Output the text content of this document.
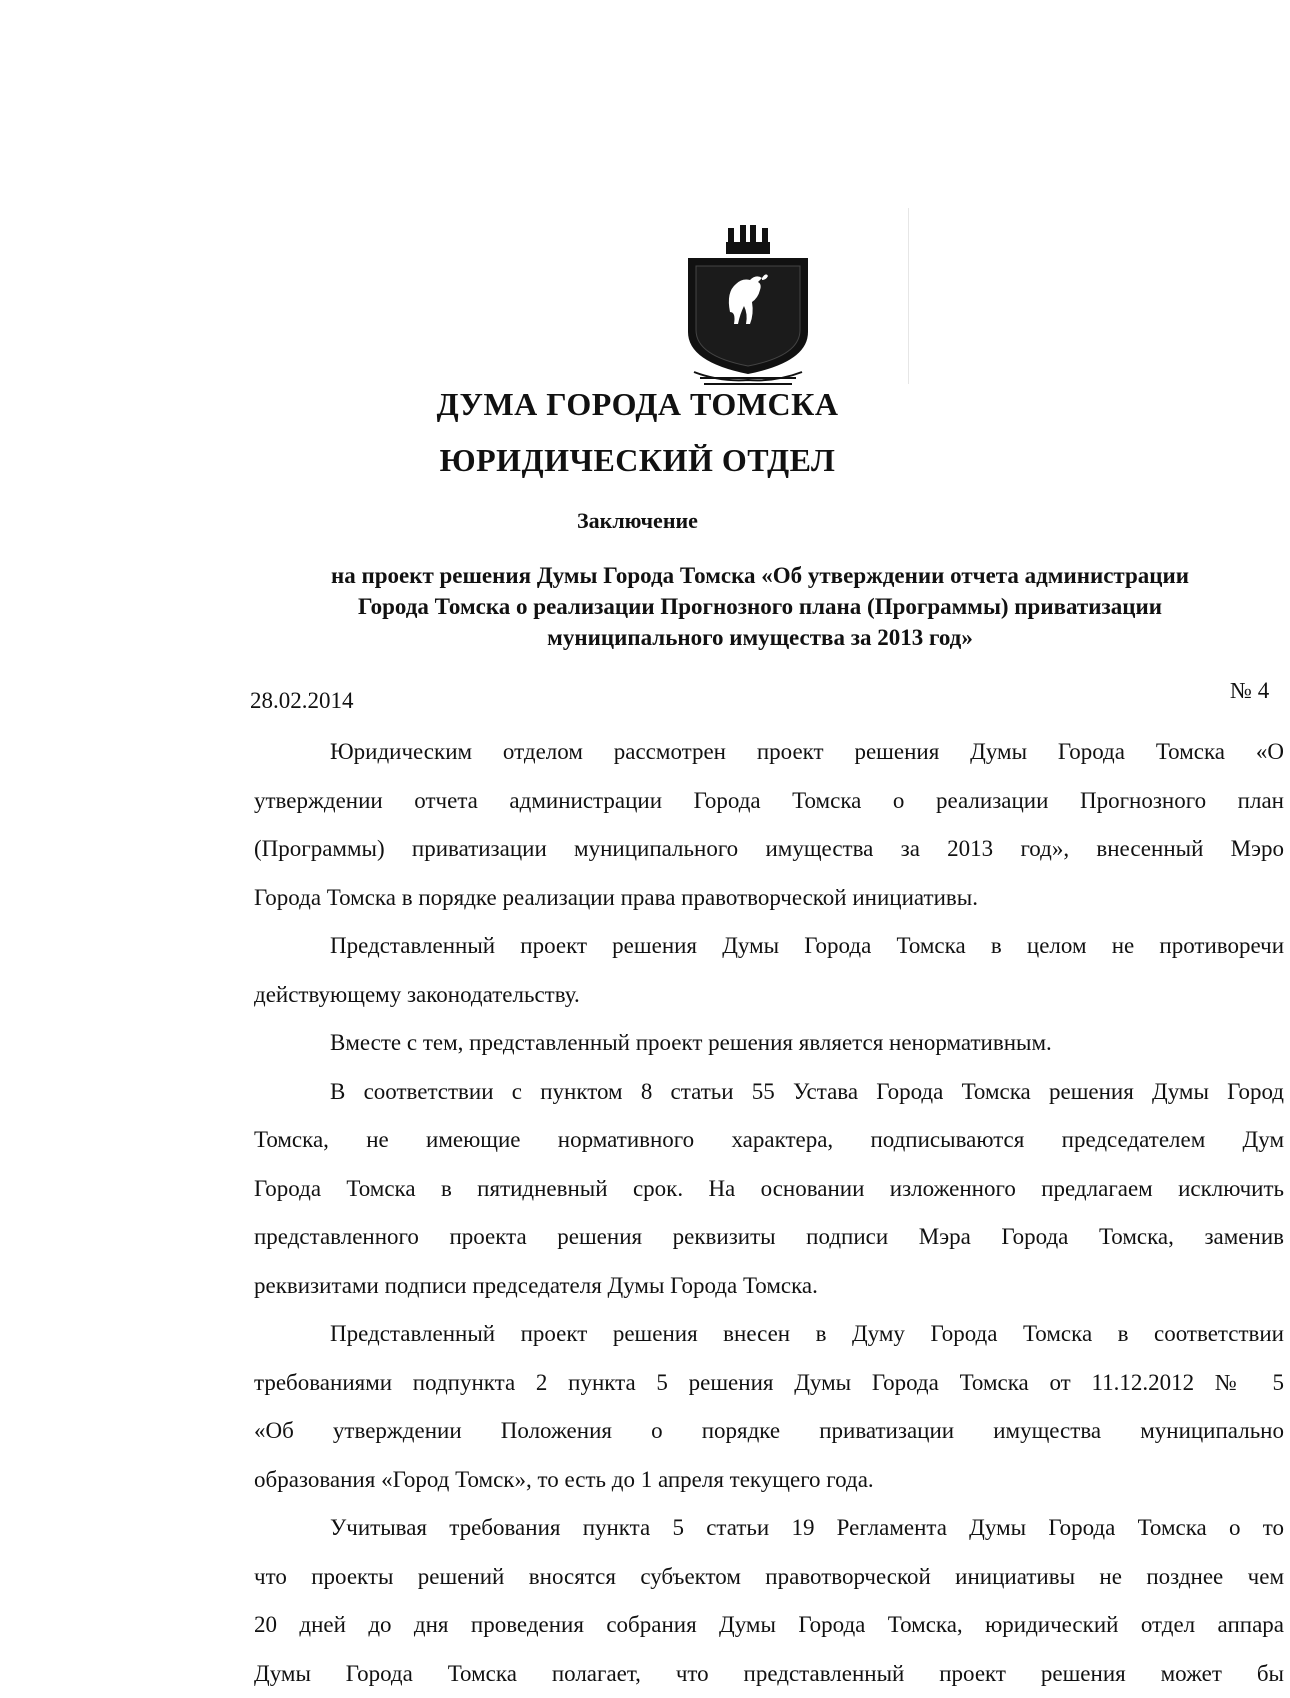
ДУМА ГОРОДА ТОМСКА
ЮРИДИЧЕСКИЙ ОТДЕЛ
Заключение
на проект решения Думы Города Томска «Об утверждении отчета администрации
Города Томска о реализации Прогнозного плана (Программы) приватизации
муниципального имущества за 2013 год»
28.02.2014	№ 4
Юридическим отделом рассмотрен проект решения Думы Города Томска «О
утверждении отчета администрации Города Томска о реализации Прогнозного план
(Программы) приватизации муниципального имущества за 2013 год», внесенный Мэро
Города Томска в порядке реализации права правотворческой инициативы.
Представленный проект решения Думы Города Томска в целом не противоречи
действующему законодательству.
Вместе с тем, представленный проект решения является ненормативным.
В соответствии с пунктом 8 статьи 55 Устава Города Томска решения Думы Город
Томска, не имеющие нормативного характера, подписываются председателем Дум
Города Томска в пятидневный срок. На основании изложенного предлагаем исключить
представленного проекта решения реквизиты подписи Мэра Города Томска, заменив
реквизитами подписи председателя Думы Города Томска.
Представленный проект решения внесен в Думу Города Томска в соответствии
требованиями подпункта 2 пункта 5 решения Думы Города Томска от 11.12.2012 № 5
«Об утверждении Положения о порядке приватизации имущества муниципально
образования «Город Томск», то есть до 1 апреля текущего года.
Учитывая требования пункта 5 статьи 19 Регламента Думы Города Томска о то
что проекты решений вносятся субъектом правотворческой инициативы не позднее чем
20 дней до дня проведения собрания Думы Города Томска, юридический отдел аппара
Думы Города Томска полагает, что представленный проект решения может бы
